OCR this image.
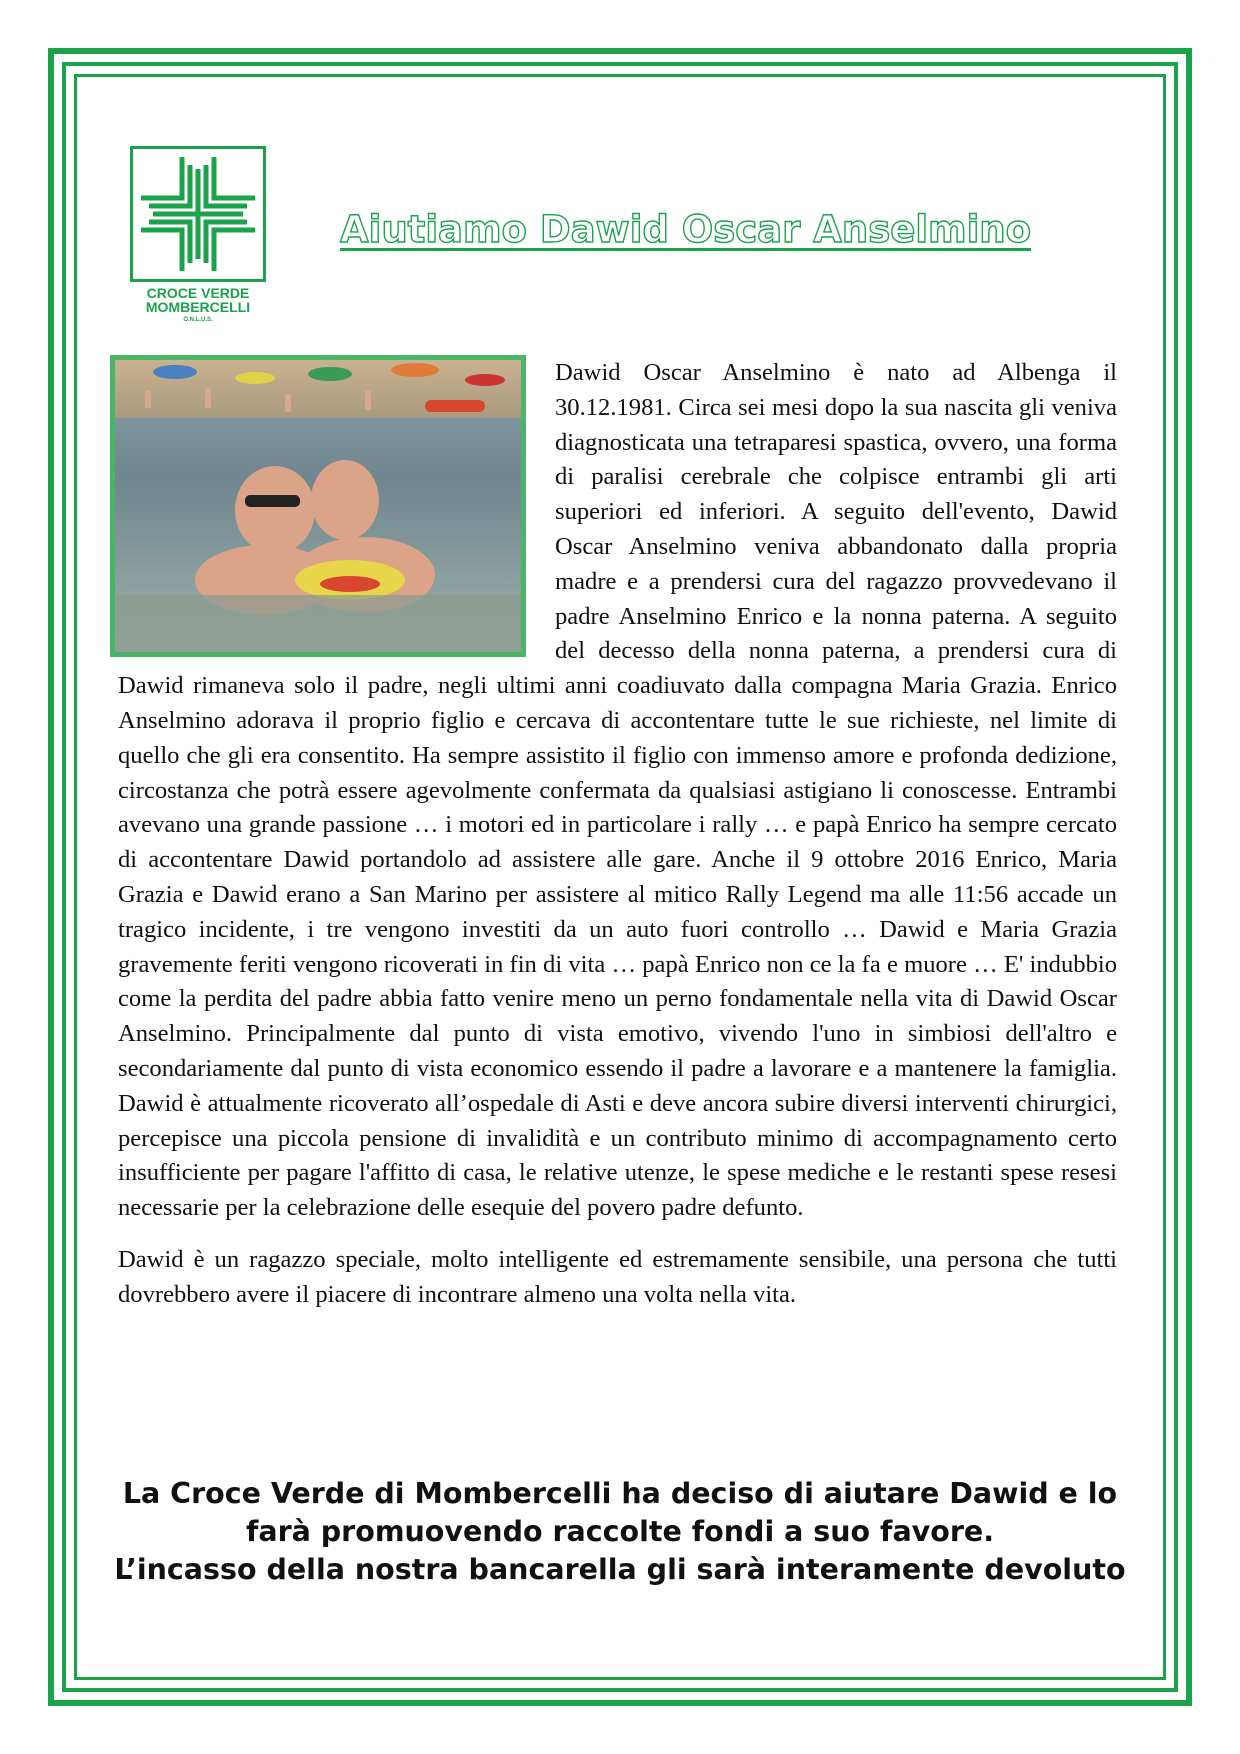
CROCE VERDE
MOMBERCELLI
O.N.L.U.S.
Aiutiamo Dawid Oscar Anselmino

Dawid Oscar Anselmino è nato ad Albenga il 30.12.1981. Circa sei mesi dopo la sua nascita gli veniva diagnosticata una tetraparesi spastica, ovvero, una forma di paralisi cerebrale che colpisce entrambi gli arti superiori ed inferiori. A seguito dell'evento, Dawid Oscar Anselmino veniva abbandonato dalla propria madre e a prendersi cura del ragazzo provvedevano il padre Anselmino Enrico e la nonna paterna. A seguito del decesso della nonna paterna, a prendersi cura di Dawid rimaneva solo il padre, negli ultimi anni coadiuvato dalla compagna Maria Grazia. Enrico Anselmino adorava il proprio figlio e cercava di accontentare tutte le sue richieste, nel limite di quello che gli era consentito. Ha sempre assistito il figlio con immenso amore e profonda dedizione, circostanza che potrà essere agevolmente confermata da qualsiasi astigiano li conoscesse. Entrambi avevano una grande passione … i motori ed in particolare i rally … e papà Enrico ha sempre cercato di accontentare Dawid portandolo ad assistere alle gare. Anche il 9 ottobre 2016 Enrico, Maria Grazia e Dawid erano a San Marino per assistere al mitico Rally Legend ma alle 11:56 accade un tragico incidente, i tre vengono investiti da un auto fuori controllo … Dawid e Maria Grazia gravemente feriti vengono ricoverati in fin di vita … papà Enrico non ce la fa e muore … E' indubbio come la perdita del padre abbia fatto venire meno un perno fondamentale nella vita di Dawid Oscar Anselmino. Principalmente dal punto di vista emotivo, vivendo l'uno in simbiosi dell'altro e secondariamente dal punto di vista economico essendo il padre a lavorare e a mantenere la famiglia. Dawid è attualmente ricoverato all’ospedale di Asti e deve ancora subire diversi interventi chirurgici, percepisce una piccola pensione di invalidità e un contributo minimo di accompagnamento certo insufficiente per pagare l'affitto di casa, le relative utenze, le spese mediche e le restanti spese resesi necessarie per la celebrazione delle esequie del povero padre defunto.

Dawid è un ragazzo speciale, molto intelligente ed estremamente sensibile, una persona che tutti dovrebbero avere il piacere di incontrare almeno una volta nella vita.

La Croce Verde di Mombercelli ha deciso di aiutare Dawid e lo
farà promuovendo raccolte fondi a suo favore.
L’incasso della nostra bancarella gli sarà interamente devoluto
